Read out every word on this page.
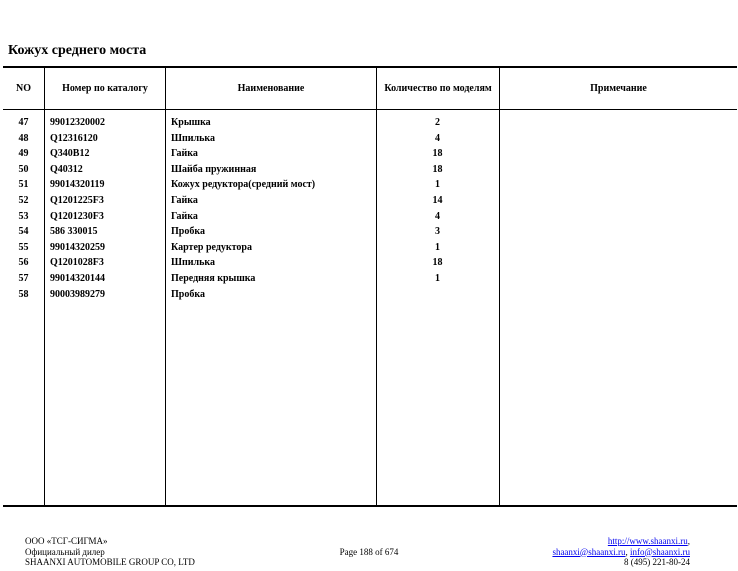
Кожух среднего моста
NO	Номер по каталогу	Наименование	Количество по моделям	Примечание
47	99012320002	Крышка	2
48	Q12316120	Шпилька	4
49	Q340B12	Гайка	18
50	Q40312	Шайба пружинная	18
51	99014320119	Кожух редуктора(средний мост)	1
52	Q1201225F3	Гайка	14
53	Q1201230F3	Гайка	4
54	586 330015	Пробка	3
55	99014320259	Картер редуктора	1
56	Q1201028F3	Шпилька	18
57	99014320144	Передняя крышка	1
58	90003989279	Пробка
ООО «ТСГ-СИГМА»
Официальный дилер
SHAANXI AUTOMOBILE GROUP CO, LTD
Page 188 of 674
http://www.shaanxi.ru,
shaanxi@shaanxi.ru, info@shaanxi.ru
8 (495) 221-80-24
